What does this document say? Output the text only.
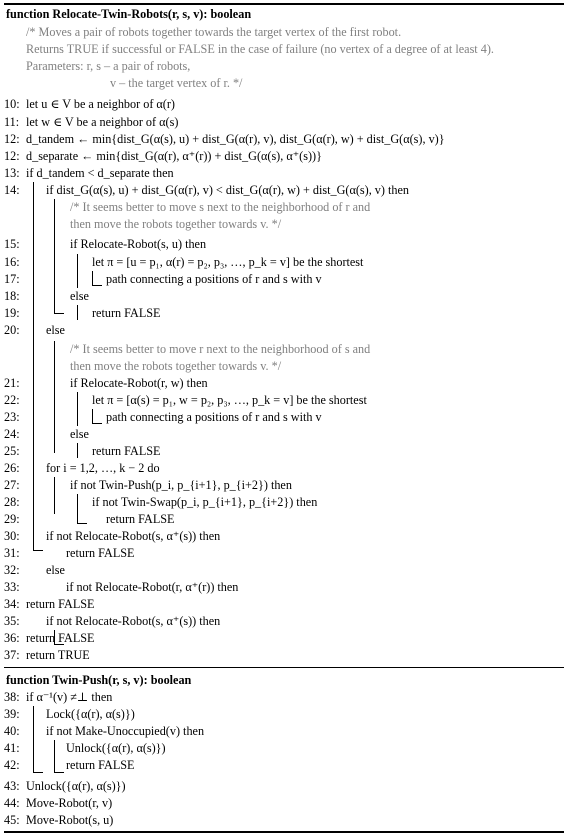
function Relocate-Twin-Robots(r, s, v): boolean
/* Moves a pair of robots together towards the target vertex of the first robot.
Returns TRUE if successful or FALSE in the case of failure (no vertex of a degree of at least 4).
Parameters: r, s – a pair of robots,
v – the target vertex of r. */
10: let u ∈ V be a neighbor of α(r)
11: let w ∈ V be a neighbor of α(s)
12: d_tandem ← min{dist_G(α(s), u) + dist_G(α(r), v), dist_G(α(r), w) + dist_G(α(s), v)}
12: d_separate ← min{dist_G(α(r), α⁺(r)) + dist_G(α(s), α⁺(s))}
13: if d_tandem < d_separate then
14: if dist_G(α(s), u) + dist_G(α(r), v) < dist_G(α(r), w) + dist_G(α(s), v) then
/* It seems better to move s next to the neighborhood of r and
then move the robots together towards v. */
15:	if Relocate-Robot(s, u) then
16:	let π = [u = p₁, α(r) = p₂, p₃, …, p_k = v] be the shortest
17:	path connecting a positions of r and s with v
18:	else
19:	return FALSE
20: else
/* It seems better to move r next to the neighborhood of s and
then move the robots together towards v. */
21:	if Relocate-Robot(r, w) then
22:	let π = [α(s) = p₁, w = p₂, p₃, …, p_k = v] be the shortest
23:	path connecting a positions of r and s with v
24:	else
25:	return FALSE
26: for i = 1,2, …, k − 2 do
27:	if not Twin-Push(p_i, p_{i+1}, p_{i+2}) then
28:	if not Twin-Swap(p_i, p_{i+1}, p_{i+2}) then
29:	return FALSE
30: if not Relocate-Robot(s, α⁺(s)) then
31:	return FALSE
32: else
33:	if not Relocate-Robot(r, α⁺(r)) then
34: return FALSE
35: if not Relocate-Robot(s, α⁺(s)) then
36: return FALSE
37: return TRUE
function Twin-Push(r, s, v): boolean
38: if α⁻¹(v) ≠⊥ then
39: Lock({α(r), α(s)})
40: if not Make-Unoccupied(v) then
41:	Unlock({α(r), α(s)})
42:	return FALSE
43: Unlock({α(r), α(s)})
44: Move-Robot(r, v)
45: Move-Robot(s, u)
